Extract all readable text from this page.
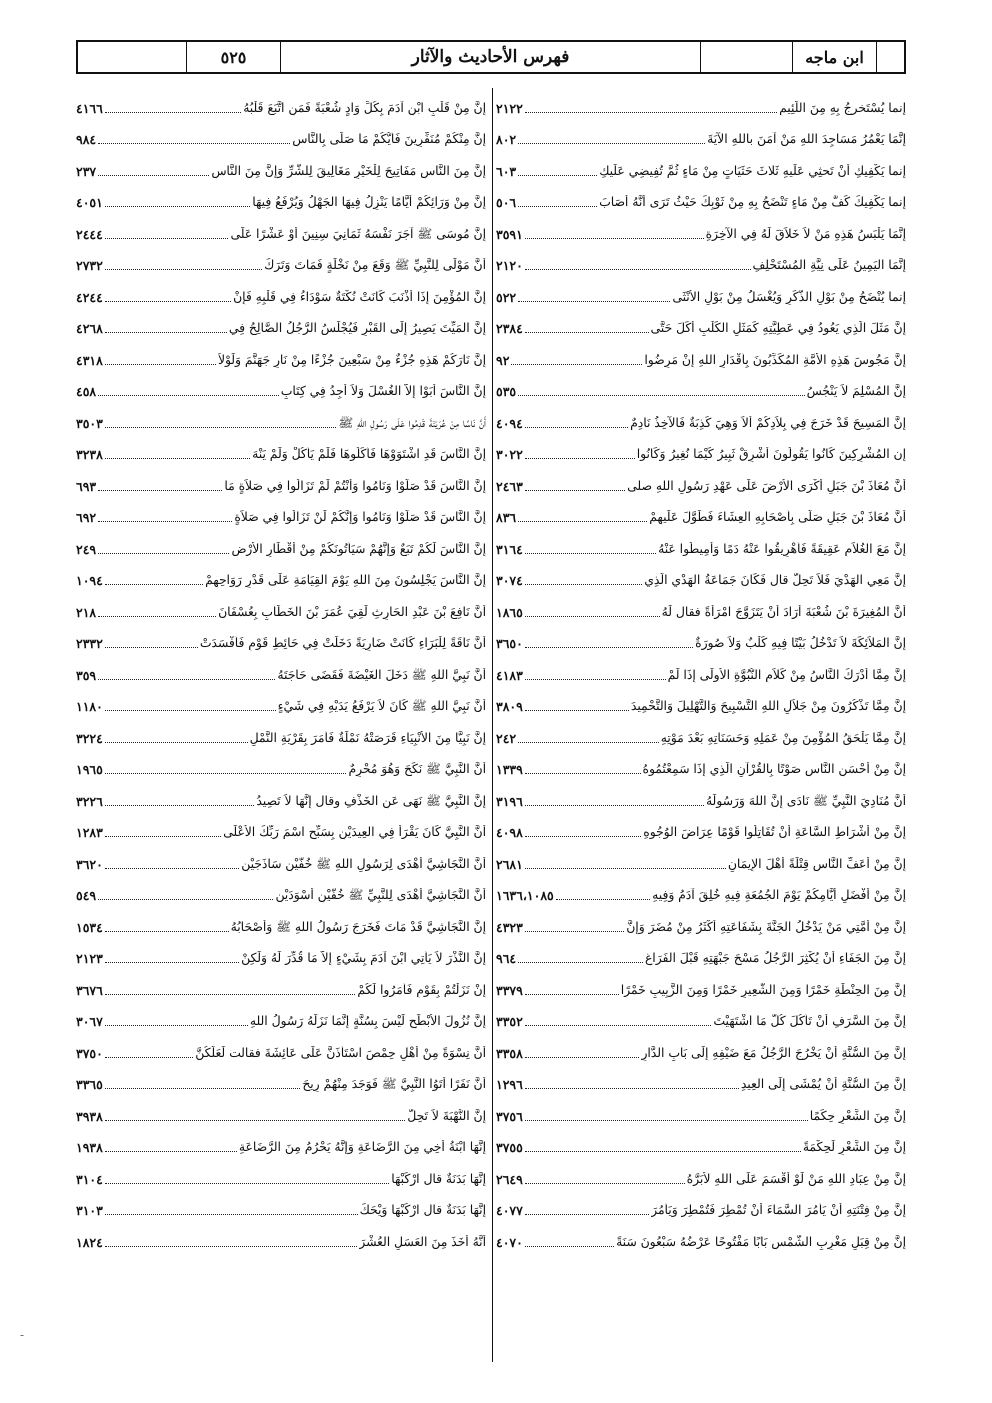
ابن ماجه
فهرس الأحاديث والآثار
٥٢٥
إنما يُسْتَخرجُ بِهِ مِنَ اللَّئِيمِ
٢١٢٢
إِنَّمَا يَعْمُرُ مَسَاجِدَ اللهِ مَنْ آمَنَ باللهِ الآيَةَ
٨٠٢
إِنما يَكْفِيكِ أَنْ تَحثِي عَلَيهِ ثَلاثَ حَثَيَاتٍ مِنْ مَاءٍ ثُمَّ تُفِيضِي عَلَيكِ
٦٠٣
إِنما يَكْفِيكَ كَفٌّ مِنْ مَاءٍ تَنْضَحُ بِهِ مِنْ ثَوْبِكَ حَيْثُ تَرَى أَنَّهُ أَصَابَ
٥٠٦
إِنَّمَا يَلْبَسُ هَذِهِ مَنْ لاَ خَلاَقَ لَهُ فِي الآخِرَةِ
٣٥٩١
إِنَّمَا اليَمِينُ عَلَى نِيَّةِ المُسْتَحْلِفِ
٢١٢٠
إِنما يُنْضَحُ مِنْ بَوْلِ الذَّكَرِ وَيُغْسَلُ مِنْ بَوْلِ الأُنْثَى
٥٢٢
إِنَّ مَثَلَ الَّذِي يَعُودُ فِي عَطِيَّتِهِ كَمَثَلِ الكَلْبِ أَكَلَ حَتَّى
٢٣٨٤
إِنَّ مَجُوسَ هَذِهِ الأُمَّةِ المُكَذِّبُونَ بِأَقْدَارِ اللهِ إِنْ مَرِضُوا
٩٢
إِنَّ المُسْلِمَ لاَ يَنْجُسُ
٥٣٥
إِنَّ المَسِيحَ قَدْ خَرَجَ فِي بِلاَدِكُمْ أَلاَ وَهِيَ كَذِبَةٌ فَالآخِذُ نَادِمٌ
٤٠٩٤
إِن المُشْرِكِينَ كَانُوا يَقُولُونَ أَشْرِقْ ثَبِيرُ كَيْمَا نُغِيرُ وَكَانُوا
٣٠٢٢
أَنَّ مُعَاذَ بْنَ جَبَلٍ أَكْرَى الأَرْضَ عَلَى عَهْدِ رَسُولِ اللهِ صلى
٢٤٦٣
أَنَّ مُعَاذَ بْنَ جَبَلٍ صَلَّى بِأَصْحَابِهِ العِشَاءَ فَطَوَّلَ عَلَيهِمْ
٨٣٦
إِنَّ مَعَ الغُلاَمِ عَقِيقَةً فَأَهْرِيقُوا عَنْهُ دَمًا وَأَمِيطُوا عَنْهُ
٣١٦٤
إِنَّ مَعِي الهَدْيَ فَلاَ تَحِلُّ قال فَكَانَ جَمَاعَةُ الهَدْيِ الَّذِي
٣٠٧٤
أَنَّ المُغِيرَةَ بْنَ شُعْبَةَ أَرَادَ أَنْ يَتَزَوَّجَ امْرَأَةً فقال لَهُ
١٨٦٥
إِنَّ المَلاَئِكَةَ لاَ تَدْخُلُ بَيْتًا فِيهِ كَلْبٌ وَلاَ صُورَةٌ
٣٦٥٠
إِنَّ مِمَّا أَدْرَكَ النَّاسُ مِنْ كَلاَمِ النُّبُوَّةِ الأُولَى إِذَا لَمْ
٤١٨٣
إِنَّ مِمَّا تَذْكُرُونَ مِنْ جَلاَلِ اللهِ التَّسْبِيحَ وَالتَّهْلِيلَ وَالتَّحْمِيدَ
٣٨٠٩
إِنَّ مِمَّا يَلْحَقُ المُؤْمِنَ مِنْ عَمَلِهِ وَحَسَنَاتِهِ بَعْدَ مَوْتِهِ
٢٤٢
إِنَّ مِنْ أَحْسَنِ النَّاسِ صَوْتًا بِالقُرْآنِ الَّذِي إِذَا سَمِعْتُمُوهُ
١٣٣٩
أَنَّ مُنَادِيَ النَّبِيِّ ﷺ نَادَى إِنَّ اللهَ وَرَسُولَهُ
٣١٩٦
إِنَّ مِنْ أَشْرَاطِ السَّاعَةِ أَنْ تُقَاتِلُوا قَوْمًا عِرَاضَ الوُجُوهِ
٤٠٩٨
إِنَّ مِنْ أَعَفِّ النَّاسِ قِتْلَةً أَهْلَ الإِيمَانِ
٢٦٨١
إِنَّ مِنْ أَفْضَلِ أَيَّامِكُمْ يَوْمَ الجُمُعَةِ فِيهِ خُلِقَ آدَمُ وَفِيهِ
١٦٣٦،١٠٨٥
إِنَّ مِنْ أُمَّتِي مَنْ يَدْخُلُ الجَنَّةَ بِشَفَاعَتِهِ أَكْثَرُ مِنْ مُضَرَ وَإِنَّ
٤٣٢٣
إِنَّ مِنَ الجَفَاءِ أَنْ يُكْثِرَ الرَّجُلُ مَسْحَ جَبْهَتِهِ قَبْلَ الفَرَاغِ
٩٦٤
إِنَّ مِنَ الحِنْطَةِ خَمْرًا وَمِنَ الشَّعِيرِ خَمْرًا وَمِنَ الزَّبِيبِ خَمْرًا
٣٣٧٩
إِنَّ مِنَ السَّرَفِ أَنْ تَأْكُلَ كُلَّ مَا اشْتَهَيْتَ
٣٣٥٢
إِنَّ مِنَ السُّنَّةِ أَنْ يَخْرُجَ الرَّجُلُ مَعَ ضَيْفِهِ إِلَى بَابِ الدَّارِ
٣٣٥٨
إِنَّ مِنَ السُّنَّةِ أَنْ يُمْشَى إِلَى العِيدِ
١٢٩٦
إِنَّ مِنَ الشِّعْرِ حِكَمًا
٣٧٥٦
إِنَّ مِنَ الشِّعْرِ لَحِكْمَةً
٣٧٥٥
إِنَّ مِنْ عِبَادِ اللهِ مَنْ لَوْ أَقْسَمَ عَلَى اللهِ لأَبَرَّهُ
٢٦٤٩
إِنَّ مِنْ فِتْنَتِهِ أَنْ يَأْمُرَ السَّمَاءَ أَنْ تُمْطِرَ فَتُمْطِرَ وَيَأْمُرَ
٤٠٧٧
إِنَّ مِنْ قِبَلِ مَغْرِبِ الشَّمْسِ بَابًا مَفْتُوحًا عَرْضُهُ سَبْعُونَ سَنَةً
٤٠٧٠
إِنَّ مِنْ قَلْبِ ابْنِ آدَمَ بِكُلِّ وَادٍ شُعْبَةً فَمَنِ اتَّبَعَ قَلْبُهُ
٤١٦٦
إِنَّ مِنْكُمْ مُنَفِّرِينَ فَأَيُّكُمْ مَا صَلَّى بِالنَّاسِ
٩٨٤
إِنَّ مِنَ النَّاسِ مَفَاتِيحَ لِلْخَيْرِ مَغَالِيقَ لِلشَّرِّ وَإِنَّ مِنَ النَّاسِ
٢٣٧
إِنَّ مِنْ وَرَائِكُمْ أَيَّامًا يَنْزِلُ فِيهَا الجَهْلُ وَيُرْفَعُ فِيهَا
٤٠٥١
إِنَّ مُوسَى ﷺ آجَرَ نَفْسَهُ ثَمَانِيَ سِنِينَ أَوْ عَشْرًا عَلَى
٢٤٤٤
أَنَّ مَوْلًى لِلنَّبِيِّ ﷺ وَقَعَ مِنْ نَخْلَةٍ فَمَاتَ وَتَرَكَ
٢٧٣٢
إِنَّ المُؤْمِنَ إِذَا أَذْنَبَ كَانَتْ نُكْتَةٌ سَوْدَاءُ فِي قَلْبِهِ فَإِنْ
٤٢٤٤
إِنَّ المَيِّتَ يَصِيرُ إِلَى القَبْرِ فَيُجْلَسُ الرَّجُلُ الصَّالِحُ فِي
٤٢٦٨
إِنَّ نَارَكُمْ هَذِهِ جُزْءٌ مِنْ سَبْعِينَ جُزْءًا مِنْ نَارِ جَهَنَّمَ وَلَوْلاَ
٤٣١٨
إِنَّ النَّاسَ أَبَوْا إِلاَّ الغُسْلَ وَلاَ أَجِدُ فِي كِتَابِ
٤٥٨
أَنَّ نَاسًا مِنْ عُرَيْنَةَ قَدِمُوا عَلَى رَسُولِ اللهِ ﷺ
٣٥٠٣
إِنَّ النَّاسَ قَدِ اشْتَوَوْهَا فَأَكَلُوهَا فَلَمْ يَأْكُلْ وَلَمْ يَنْهَ
٣٢٣٨
إِنَّ النَّاسَ قَدْ صَلَّوْا وَنَامُوا وَأَنْتُمْ لَمْ تَزَالُوا فِي صَلاَةٍ مَا
٦٩٣
إِنَّ النَّاسَ قَدْ صَلَّوْا وَنَامُوا وَإِنَّكُمْ لَنْ تَزَالُوا فِي صَلاَةٍ
٦٩٢
إِنَّ النَّاسَ لَكُمْ تَبَعٌ وَإِنَّهُمْ سَيَأْتُونَكُمْ مِنْ أَقْطَارِ الأَرْضِ
٢٤٩
إِنَّ النَّاسَ يَجْلِسُونَ مِنَ اللهِ يَوْمَ القِيَامَةِ عَلَى قَدْرِ رَوَاحِهِمْ
١٠٩٤
أَنَّ نَافِعَ بْنَ عَبْدِ الحَارِثِ لَقِيَ عُمَرَ بْنَ الخَطَّابِ بِعُسْفَانَ
٢١٨
أَنَّ نَاقَةً لِلْبَرَاءِ كَانَتْ ضَارِيَةً دَخَلَتْ فِي حَائِطِ قَوْمٍ فَأَفْسَدَتْ
٢٣٣٢
أَنَّ نَبِيَّ اللهِ ﷺ دَخَلَ الغَيْضَةَ فَقَضَى حَاجَتَهُ
٣٥٩
أَنَّ نَبِيَّ اللهِ ﷺ كَانَ لاَ يَرْفَعُ يَدَيْهِ فِي شَيْءٍ
١١٨٠
إِنَّ نَبِيًّا مِنَ الأَنْبِيَاءِ قَرَصَتْهُ نَمْلَةٌ فَأَمَرَ بِقَرْيَةِ النَّمْلِ
٣٢٢٤
أَنَّ النَّبِيَّ ﷺ نَكَحَ وَهُوَ مُحْرِمٌ
١٩٦٥
إِنَّ النَّبِيَّ ﷺ نَهَى عَنِ الخَذْفِ وقال إِنَّهَا لاَ تَصِيدُ
٣٢٢٦
أَنَّ النَّبِيَّ كَانَ يَقْرَأُ فِي العِيدَيْنِ بِسَبِّحِ اسْمَ رَبِّكَ الأَعْلَى
١٢٨٣
أَنَّ النَّجَاشِيَّ أَهْدَى لِرَسُولِ اللهِ ﷺ خُفَّيْنِ سَاذَجَيْنِ
٣٦٢٠
أَنَّ النَّجَاشِيَّ أَهْدَى لِلنَّبِيِّ ﷺ خُفَّيْنِ أَسْوَدَيْنِ
٥٤٩
إِنَّ النَّجَاشِيَّ قَدْ مَاتَ فَخَرَجَ رَسُولُ اللهِ ﷺ وَأَصْحَابُهُ
١٥٣٤
إِنَّ النَّذْرَ لاَ يَأْتِي ابْنَ آدَمَ بِشَيْءٍ إِلاَّ مَا قُدِّرَ لَهُ وَلَكِنْ
٢١٢٣
إِنْ نَزَلْتُمْ بِقَوْمٍ فَأَمَرُوا لَكُمْ
٣٦٧٦
إِنَّ نُزُولَ الأَبْطَحِ لَيْسَ بِسُنَّةٍ إِنَّمَا نَزَلَهُ رَسُولُ اللهِ
٣٠٦٧
أَنَّ نِسْوَةً مِنْ أَهْلِ حِمْصَ اسْتَأْذَنَّ عَلَى عَائِشَةَ فقالت لَعَلَّكُنَّ
٣٧٥٠
أَنَّ نَفَرًا أَتَوُا النَّبِيَّ ﷺ فَوَجَدَ مِنْهُمْ رِيحَ
٣٣٦٥
إِنَّ النُّهْبَةَ لاَ تَحِلُّ
٣٩٣٨
إِنَّهَا ابْنَةُ أَخِي مِنَ الرَّضَاعَةِ وَإِنَّهُ يَحْرُمُ مِنَ الرَّضَاعَةِ
١٩٣٨
إِنَّهَا بَدَنَةٌ قال ارْكَبْهَا
٣١٠٤
إِنَّهَا بَدَنَةٌ قال ارْكَبْهَا وَيْحَكَ
٣١٠٣
أَنَّهُ أَخَذَ مِنَ العَسَلِ العُشْرَ
١٨٢٤
-
